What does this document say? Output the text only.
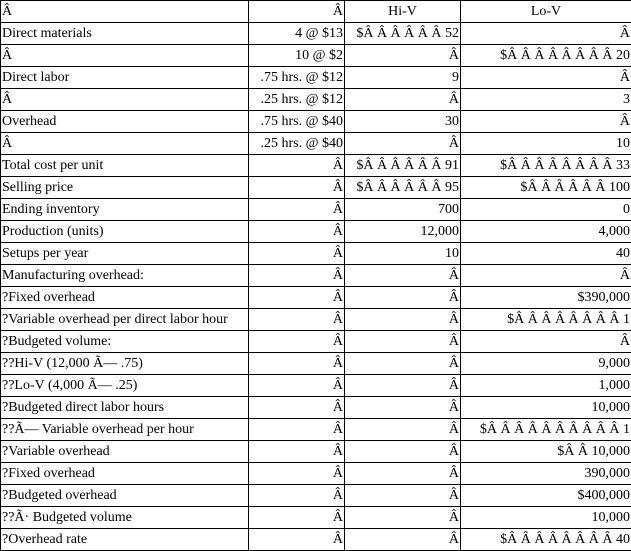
Â	Â	Hi-V	Lo-V
Direct materials	4 @ $13	$Â Â Â Â Â Â 52	Â
Â	10 @ $2	Â	$Â Â Â Â Â Â Â Â 20
Direct labor	.75 hrs. @ $12	9	Â
Â	.25 hrs. @ $12	Â	3
Overhead	.75 hrs. @ $40	30	Â
Â	.25 hrs. @ $40	Â	10
Total cost per unit	Â	$Â Â Â Â Â Â 91	$Â Â Â Â Â Â Â Â 33
Selling price	Â	$Â Â Â Â Â Â 95	$Â Â Â Â Â Â 100
Ending inventory	Â	700	0
Production (units)	Â	12,000	4,000
Setups per year	Â	10	40
Manufacturing overhead:	Â	Â	Â
?Fixed overhead	Â	Â	$390,000
?Variable overhead per direct labor hour	Â	Â	$Â Â Â Â Â Â Â Â 1
?Budgeted volume:	Â	Â	Â
??Hi-V (12,000 Ã— .75)	Â	Â	9,000
??Lo-V (4,000 Ã— .25)	Â	Â	1,000
?Budgeted direct labor hours	Â	Â	10,000
??Ã— Variable overhead per hour	Â	Â	$Â Â Â Â Â Â Â Â Â Â 1
?Variable overhead	Â	Â	$Â Â 10,000
?Fixed overhead	Â	Â	390,000
?Budgeted overhead	Â	Â	$400,000
??Ã· Budgeted volume	Â	Â	10,000
?Overhead rate	Â	Â	$Â Â Â Â Â Â Â Â 40
